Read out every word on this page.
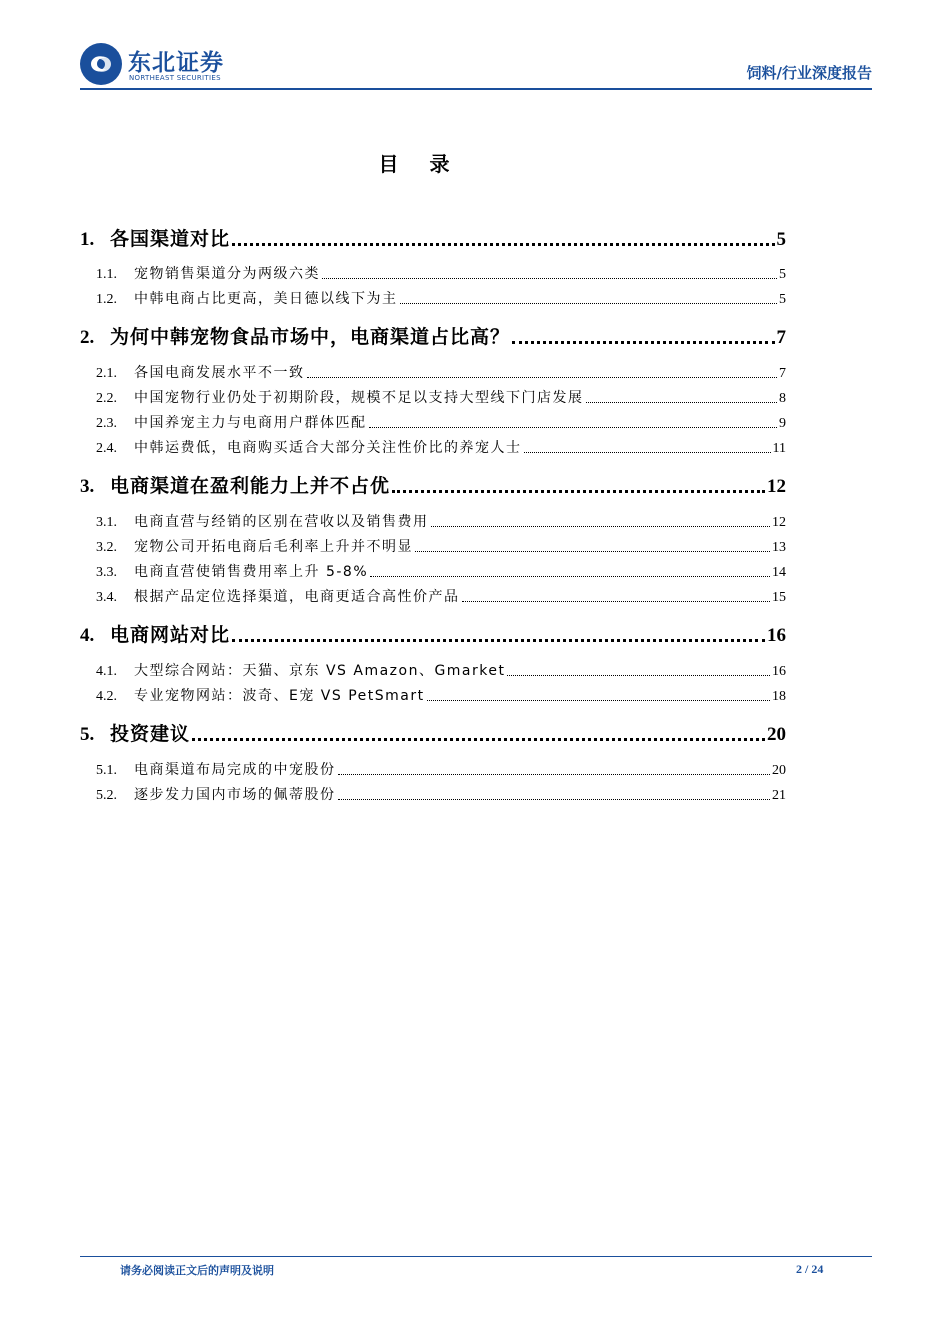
东北证券
NORTHEAST SECURITIES	饲料/行业深度报告
目 录
1. 各国渠道对比	5
1.1.	宠物销售渠道分为两级六类	5
1.2.	中韩电商占比更高，美日德以线下为主	5
2. 为何中韩宠物食品市场中，电商渠道占比高？	7
2.1.	各国电商发展水平不一致	7
2.2.	中国宠物行业仍处于初期阶段，规模不足以支持大型线下门店发展	8
2.3.	中国养宠主力与电商用户群体匹配	9
2.4.	中韩运费低，电商购买适合大部分关注性价比的养宠人士	11
3. 电商渠道在盈利能力上并不占优	12
3.1.	电商直营与经销的区别在营收以及销售费用	12
3.2.	宠物公司开拓电商后毛利率上升并不明显	13
3.3.	电商直营使销售费用率上升 5-8%	14
3.4.	根据产品定位选择渠道，电商更适合高性价产品	15
4. 电商网站对比	16
4.1.	大型综合网站：天猫、京东 VS Amazon、Gmarket	16
4.2.	专业宠物网站：波奇、E宠 VS PetSmart	18
5. 投资建议	20
5.1.	电商渠道布局完成的中宠股份	20
5.2.	逐步发力国内市场的佩蒂股份	21
请务必阅读正文后的声明及说明	2 / 24
